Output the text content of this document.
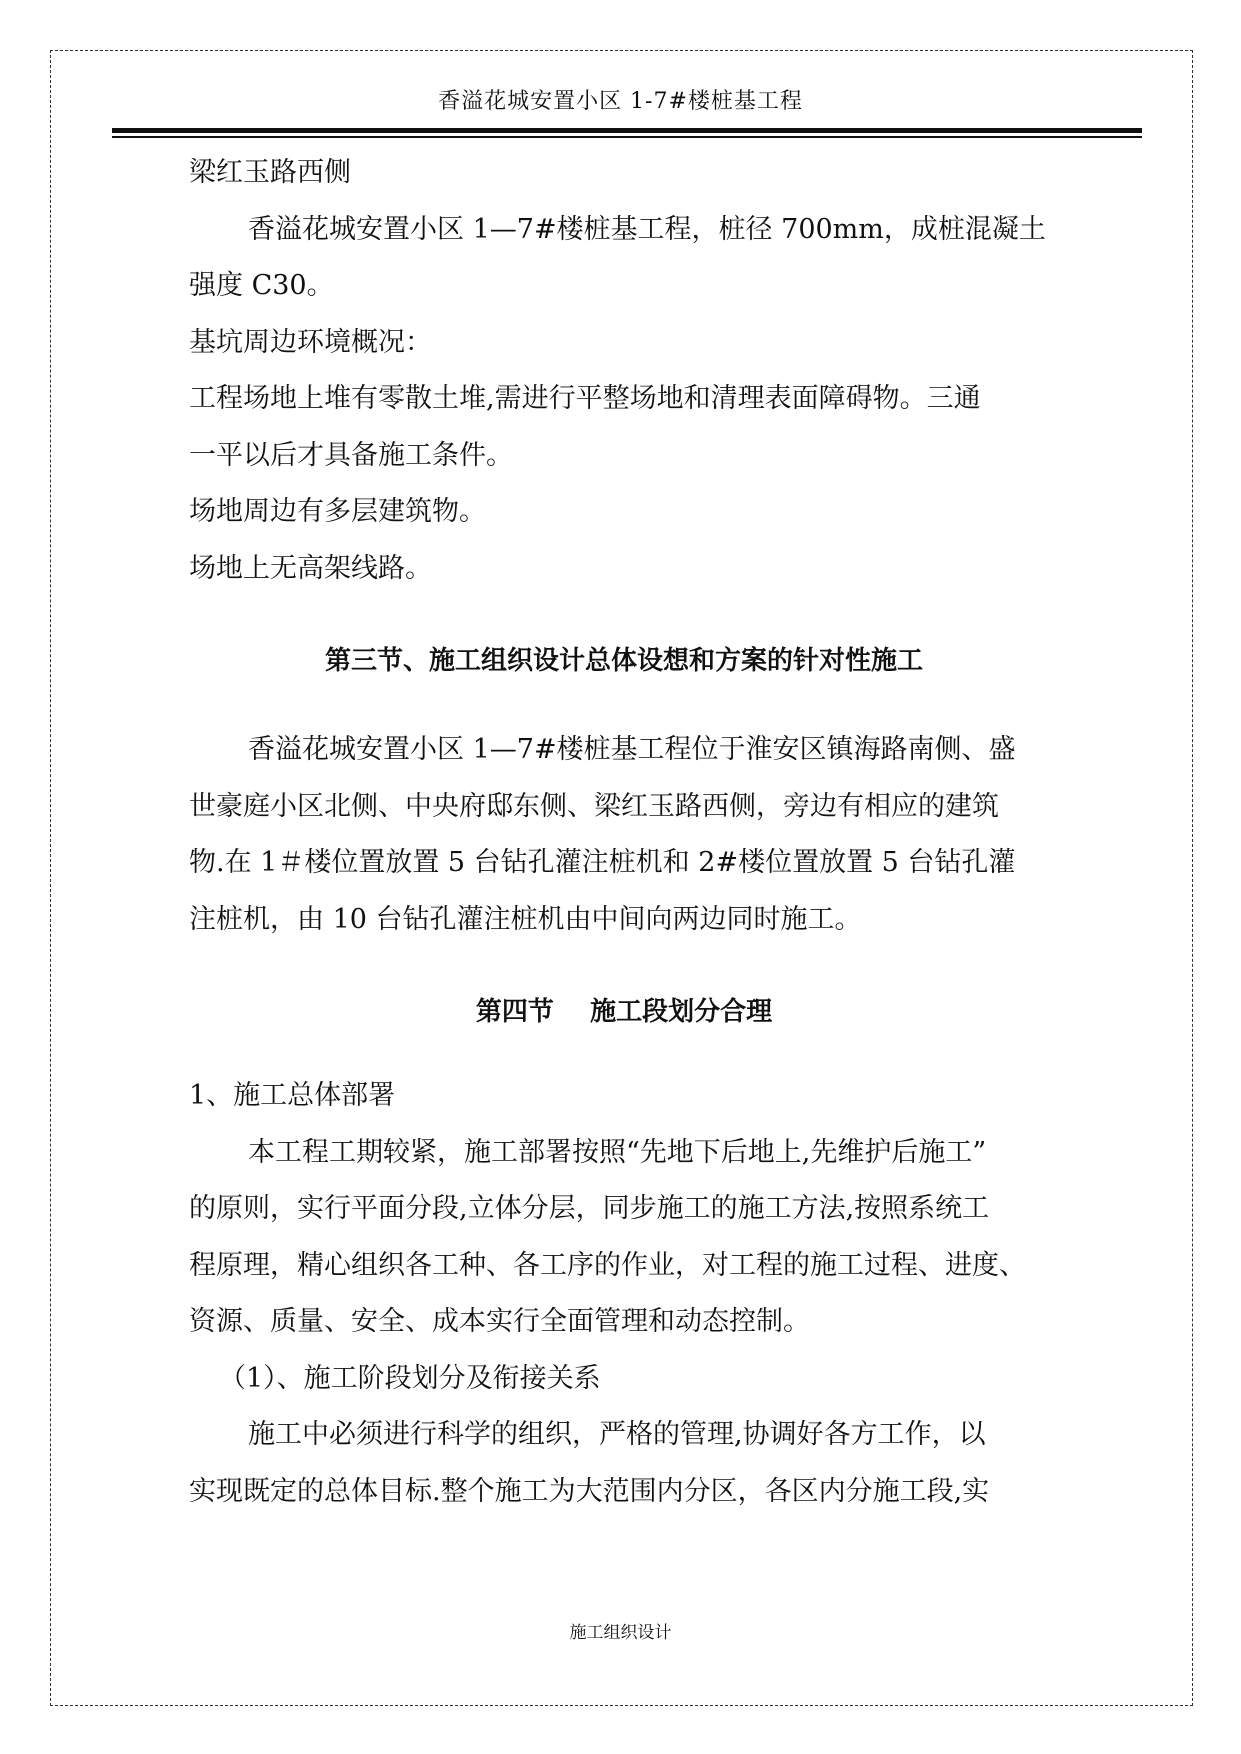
香溢花城安置小区 1-7#楼桩基工程

梁红玉路西侧

香溢花城安置小区 1—7#楼桩基工程，桩径 700mm，成桩混凝土

强度 C30。

基坑周边环境概况：

工程场地上堆有零散土堆,需进行平整场地和清理表面障碍物。三通

一平以后才具备施工条件。

场地周边有多层建筑物。

场地上无高架线路。

第三节、施工组织设计总体设想和方案的针对性施工

香溢花城安置小区 1—7#楼桩基工程位于淮安区镇海路南侧、盛

世豪庭小区北侧、中央府邸东侧、梁红玉路西侧，旁边有相应的建筑

物.在 1＃楼位置放置 5 台钻孔灌注桩机和 2#楼位置放置 5 台钻孔灌

注桩机，由 10 台钻孔灌注桩机由中间向两边同时施工。

第四节    施工段划分合理

1、施工总体部署

本工程工期较紧，施工部署按照“先地下后地上,先维护后施工”

的原则，实行平面分段,立体分层，同步施工的施工方法,按照系统工

程原理，精心组织各工种、各工序的作业，对工程的施工过程、进度、

资源、质量、安全、成本实行全面管理和动态控制。

（1）、施工阶段划分及衔接关系

施工中必须进行科学的组织，严格的管理,协调好各方工作，以

实现既定的总体目标.整个施工为大范围内分区，各区内分施工段,实

施工组织设计
